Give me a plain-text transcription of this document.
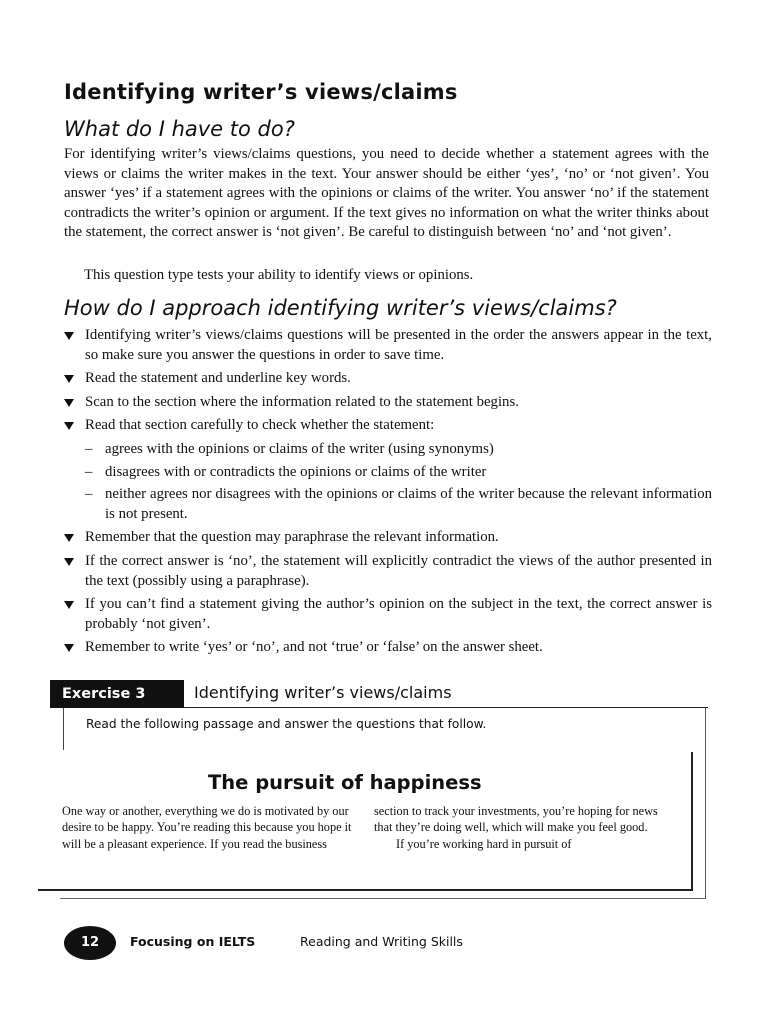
Identifying writer’s views/claims
What do I have to do?
For identifying writer’s views/claims questions, you need to decide whether a statement agrees with the views or claims the writer makes in the text. Your answer should be either ‘yes’, ‘no’ or ‘not given’. You answer ‘yes’ if a statement agrees with the opinions or claims of the writer. You answer ‘no’ if the statement contradicts the writer’s opinion or argument. If the text gives no information on what the writer thinks about the statement, the correct answer is ‘not given’. Be careful to distinguish between ‘no’ and ‘not given’.
This question type tests your ability to identify views or opinions.
How do I approach identifying writer’s views/claims?
Identifying writer’s views/claims questions will be presented in the order the answers appear in the text, so make sure you answer the questions in order to save time.
Read the statement and underline key words.
Scan to the section where the information related to the statement begins.
Read that section carefully to check whether the statement:
– agrees with the opinions or claims of the writer (using synonyms)
– disagrees with or contradicts the opinions or claims of the writer
– neither agrees nor disagrees with the opinions or claims of the writer because the relevant information is not present.
Remember that the question may paraphrase the relevant information.
If the correct answer is ‘no’, the statement will explicitly contradict the views of the author presented in the text (possibly using a paraphrase).
If you can’t find a statement giving the author’s opinion on the subject in the text, the correct answer is probably ‘not given’.
Remember to write ‘yes’ or ‘no’, and not ‘true’ or ‘false’ on the answer sheet.
Exercise 3	Identifying writer’s views/claims
Read the following passage and answer the questions that follow.
The pursuit of happiness
One way or another, everything we do is motivated by our desire to be happy. You’re reading this because you hope it will be a pleasant experience. If you read the business
section to track your investments, you’re hoping for news that they’re doing well, which will make you feel good.
If you’re working hard in pursuit of
12	Focusing on IELTS	Reading and Writing Skills
